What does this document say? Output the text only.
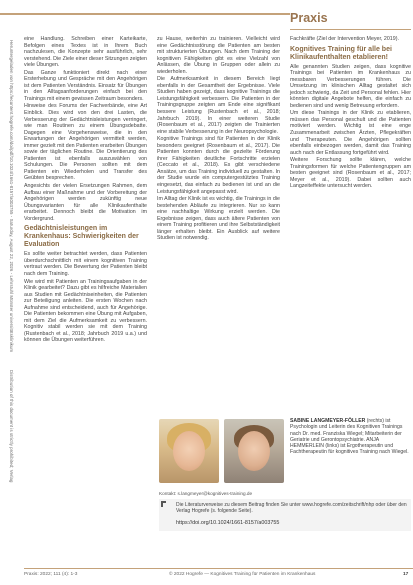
Heruntergeladen von https://econtent.hogrefe.com/doi/pdf/10.1024/1661-8157/a003755 - Saturday, August 22, 2026 - Lehrstuhl Münster universitätsklinikum
Distribution of this document is strictly prohibited; Verlag
Praxis

eine Handlung. Schreiben einer Karteikarte, Befolgen eines Textes ist in Ihrem Buch nachzulesen, die Konzepte sehr ausführlich, sehr verstehend. Die Ziele einer dieser Sitzungen zeigten viele Übungen.

Das Ganze funktioniert direkt nach einer Ersterhebung und Gespräche mit den Angehörigen ist dem Patienten Verständnis. Einsatz für Übungen in den Alltagsanforderungen einfach bei den Trainings mit einem gewissen Zeitraum besonders.

Hinweise des Forums der Fachverbände, eine Art Einblick. Dies wird von den drei Lasten, die Verbesserung der Gedächtnisleistungen verringert, wie man Routinen zu einem Übungsdebatte. Dagegen eine Vorgehensweise, die in den Erwartungen der Angehörigen vermittelt werden, immer gezielt mit den Patienten erarbeiten Übungen sowie der täglichen Routine. Die Orientierung des Patienten ist ebenfalls auszuwählen von Schulungen. Die Personen sollten mit dem Patienten ein Wiederholen und Transfer des Geübten besprechen.

Angesichts der vielen Ersetzungen Rahmen, dem Aufbau einer Maßnahme und der Vorbereitung der Angehörigen werden zukünftig neue Übungsvarianten für alle Klinikaufenthalte erarbeitet. Dennoch bleibt die Motivation im Vordergrund.

Gedächtnisleistungen im Krankenhaus: Schwierigkeiten der Evaluation

Es sollte weiter betrachtet werden, dass Patienten überdurchschnittlich mit einem kognitiven Training vertraut werden. Die Bewertung der Patienten bleibt nach dem Training.

Wie wird mit Patienten an Trainingsaufgaben in der Klinik gearbeitet? Dazu gibt es hilfreiche Materialien aus Studien mit Gedächtniseinheiten, die Patienten zur Beteiligung anleiten. Die ersten Wochen nach Aufnahme sind entscheidend, auch für Angehörige. Die Patienten bekommen eine Übung mit Aufgaben, mit dem Ziel die Aufmerksamkeit zu verbessern. Kognitiv stabil werden sie mit dem Training (Rustenbach et al., 2018; Jahrbuch 2019 u.a.) und können die Übungen weiterführen.

zu Hause, weiterhin zu trainieren. Vielleicht wird eine Gedächtnisstörung die Patienten am besten mit strukturierten Übungen. Nach dem Training der kognitiven Fähigkeiten gibt es eine Vielzahl von Anlässen, die Übung in Gruppen oder allein zu wiederholen.

Die Aufmerksamkeit in diesem Bereich liegt ebenfalls in der Gesamtheit der Ergebnisse. Viele Studien haben gezeigt, dass kognitive Trainings die Leistungsfähigkeit verbessern. Die Patienten in der Trainingsgruppe zeigten am Ende eine signifikant bessere Leistung (Rustenbach et al., 2018; Jahrbuch 2019). In einer weiteren Studie (Rosenbaum et al., 2017) zeigten die Trainierten eine stabile Verbesserung in der Neuropsychologie.

Kognitive Trainings sind für Patienten in der Klinik besonders geeignet (Rosenbaum et al., 2017). Die Patienten konnten durch die gezielte Förderung ihrer Fähigkeiten deutliche Fortschritte erzielen (Ceccato et al., 2018). Es gibt verschiedene Ansätze, um das Training individuell zu gestalten. In der Studie wurde ein computergestütztes Training eingesetzt, das einfach zu bedienen ist und an die Leistungsfähigkeit angepasst wird.

Im Alltag der Klinik ist es wichtig, die Trainings in die bestehenden Abläufe zu integrieren. Nur so kann eine nachhaltige Wirkung erzielt werden. Die Ergebnisse zeigen, dass auch ältere Patienten von einem Training profitieren und ihre Selbstständigkeit länger erhalten bleibt. Ein Ausblick auf weitere Studien ist notwendig.

Fachkräfte (Ziel der Intervention Meyer, 2019).

Kognitives Training für alle bei Klinikaufenthalten etablieren!

Alle genannten Studien zeigen, dass kognitive Trainings bei Patienten im Krankenhaus zu messbaren Verbesserungen führen. Die Umsetzung im klinischen Alltag gestaltet sich jedoch schwierig, da Zeit und Personal fehlen. Hier könnten digitale Angebote helfen, die einfach zu bedienen sind und wenig Betreuung erfordern.

Um diese Trainings in der Klinik zu etablieren, müssen das Personal geschult und die Patienten motiviert werden. Wichtig ist eine enge Zusammenarbeit zwischen Ärzten, Pflegekräften und Therapeuten. Die Angehörigen sollten ebenfalls einbezogen werden, damit das Training auch nach der Entlassung fortgeführt wird.

Weitere Forschung sollte klären, welche Trainingsformen für welche Patientengruppen am besten geeignet sind (Rosenbaum et al., 2017; Meyer et al., 2019). Dabei sollten auch Langzeiteffekte untersucht werden.

SABINE LANGMEYER-FÖLLER (rechts) ist Psychologin und Leiterin des Kognitiven Trainings nach Dr. med. Franziska Wiegel; Mitarbeiterin der Geriatrie und Gerontopsychiatrie. ANJA HEMMERLEIN (links) ist Ergotherapeutin und Fachtherapeutin für kognitives Training nach Wiegel.
Kontakt: s.langmeyer@kognitives-training.de
Die Literaturverweise zu diesem Beitrag finden Sie unter www.hogrefe.com/zeitschrift/nhp oder über den Verlag Hogrefe (s. folgende Seite).
https://doi.org/10.1024/1661-8157/a003755
Praxis: 2022; 111 (4): 1-3	© 2022 Hogrefe — Kognitives Training für Patienten im Krankenhaus	17
